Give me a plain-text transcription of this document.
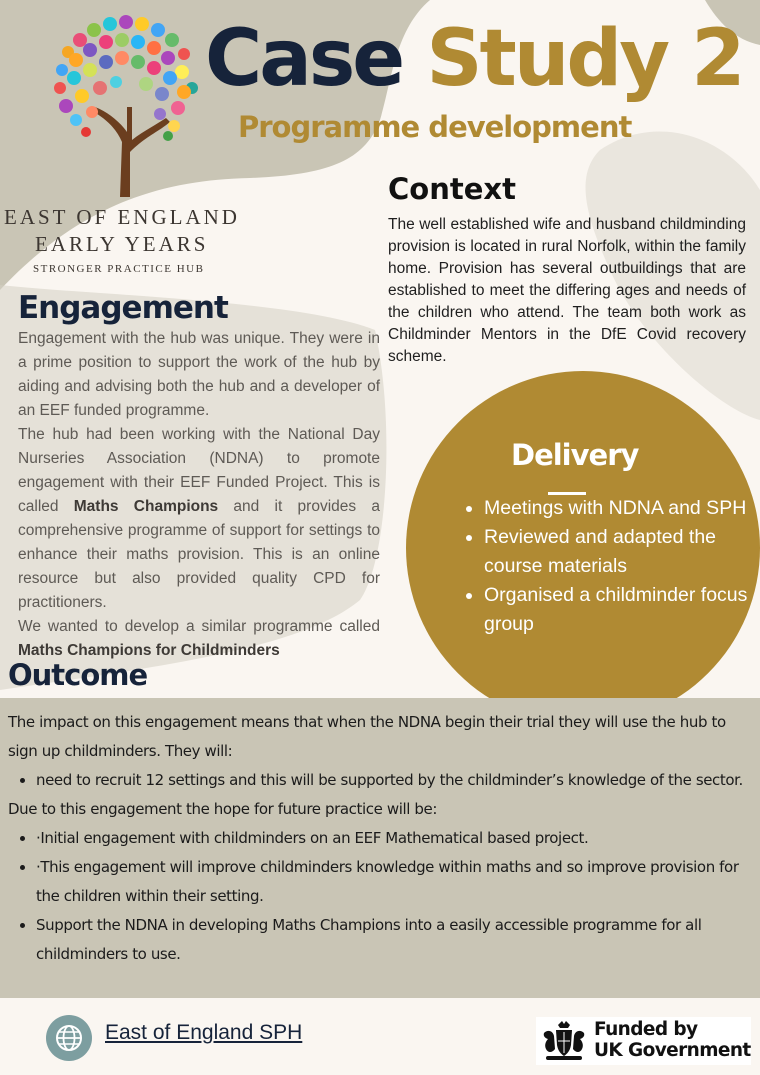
Case Study 2
Programme development
EAST OF ENGLAND
EARLY YEARS
STRONGER PRACTICE HUB
Context
The well established wife and husband childminding provision is located in rural Norfolk, within the family home. Provision has several outbuildings that are established to meet the differing ages and needs of the children who attend. The team both work as Childminder Mentors in the DfE Covid recovery scheme.
Engagement

Engagement with the hub was unique. They were in a prime position to support the work of the hub by aiding and advising both the hub and a developer of an EEF funded programme.

The hub had been working with the National Day Nurseries Association (NDNA) to promote engagement with their EEF Funded Project. This is called Maths Champions and it provides a comprehensive programme of support for settings to enhance their maths provision. This is an online resource but also provided quality CPD for practitioners.

We wanted to develop a similar programme called Maths Champions for Childminders

Delivery
• Meetings with NDNA and SPH
• Reviewed and adapted the course materials
• Organised a childminder focus group
Outcome

The impact on this engagement means that when the NDNA begin their trial they will use the hub to sign up childminders. They will:

• need to recruit 12 settings and this will be supported by the childminder’s knowledge of the sector.

Due to this engagement the hope for future practice will be:

• ·Initial engagement with childminders on an EEF Mathematical based project.
• ·This engagement will improve childminders knowledge within maths and so improve provision for the children within their setting.
• Support the NDNA in developing Maths Champions into a easily accessible programme for all childminders to use.
East of England SPH	Funded by
UK Government
